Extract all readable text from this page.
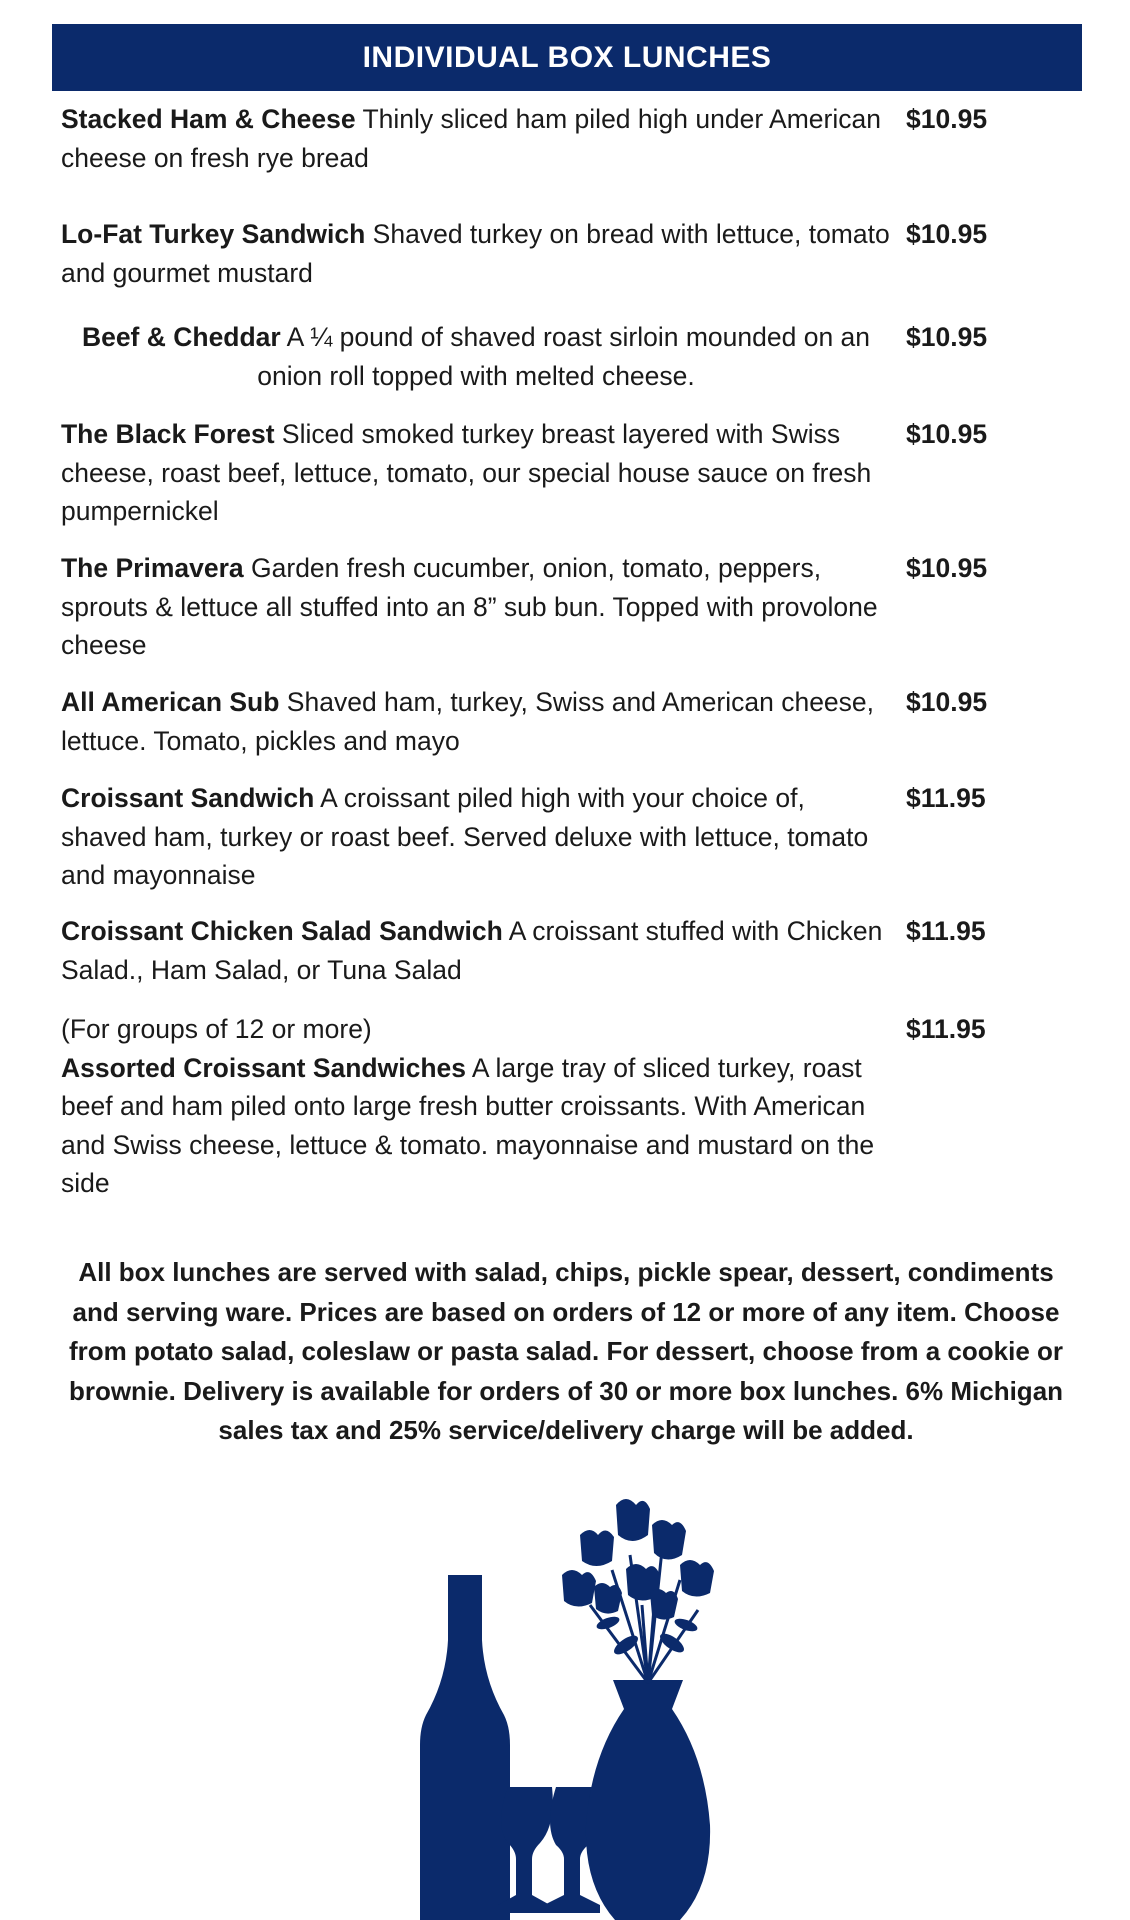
INDIVIDUAL BOX LUNCHES
Stacked Ham & Cheese Thinly sliced ham piled high under American cheese on fresh rye bread
$10.95
Lo-Fat Turkey Sandwich Shaved turkey on bread with lettuce, tomato and gourmet mustard
$10.95
Beef & Cheddar A ¼ pound of shaved roast sirloin mounded on an onion roll topped with melted cheese.
$10.95
The Black Forest Sliced smoked turkey breast layered with Swiss cheese, roast beef, lettuce, tomato, our special house sauce on fresh pumpernickel
$10.95
The Primavera Garden fresh cucumber, onion, tomato, peppers, sprouts & lettuce all stuffed into an 8” sub bun. Topped with provolone cheese
$10.95
All American Sub Shaved ham, turkey, Swiss and American cheese, lettuce. Tomato, pickles and mayo
$10.95
Croissant Sandwich A croissant piled high with your choice of, shaved ham, turkey or roast beef. Served deluxe with lettuce, tomato and mayonnaise
$11.95
Croissant Chicken Salad Sandwich A croissant stuffed with Chicken Salad., Ham Salad, or Tuna Salad
$11.95
(For groups of 12 or more)
Assorted Croissant Sandwiches A large tray of sliced turkey, roast beef and ham piled onto large fresh butter croissants. With American and Swiss cheese, lettuce & tomato. mayonnaise and mustard on the side
$11.95
All box lunches are served with salad, chips, pickle spear, dessert, condiments and serving ware. Prices are based on orders of 12 or more of any item. Choose from potato salad, coleslaw or pasta salad. For dessert, choose from a cookie or brownie. Delivery is available for orders of 30 or more box lunches. 6% Michigan sales tax and 25% service/delivery charge will be added.
